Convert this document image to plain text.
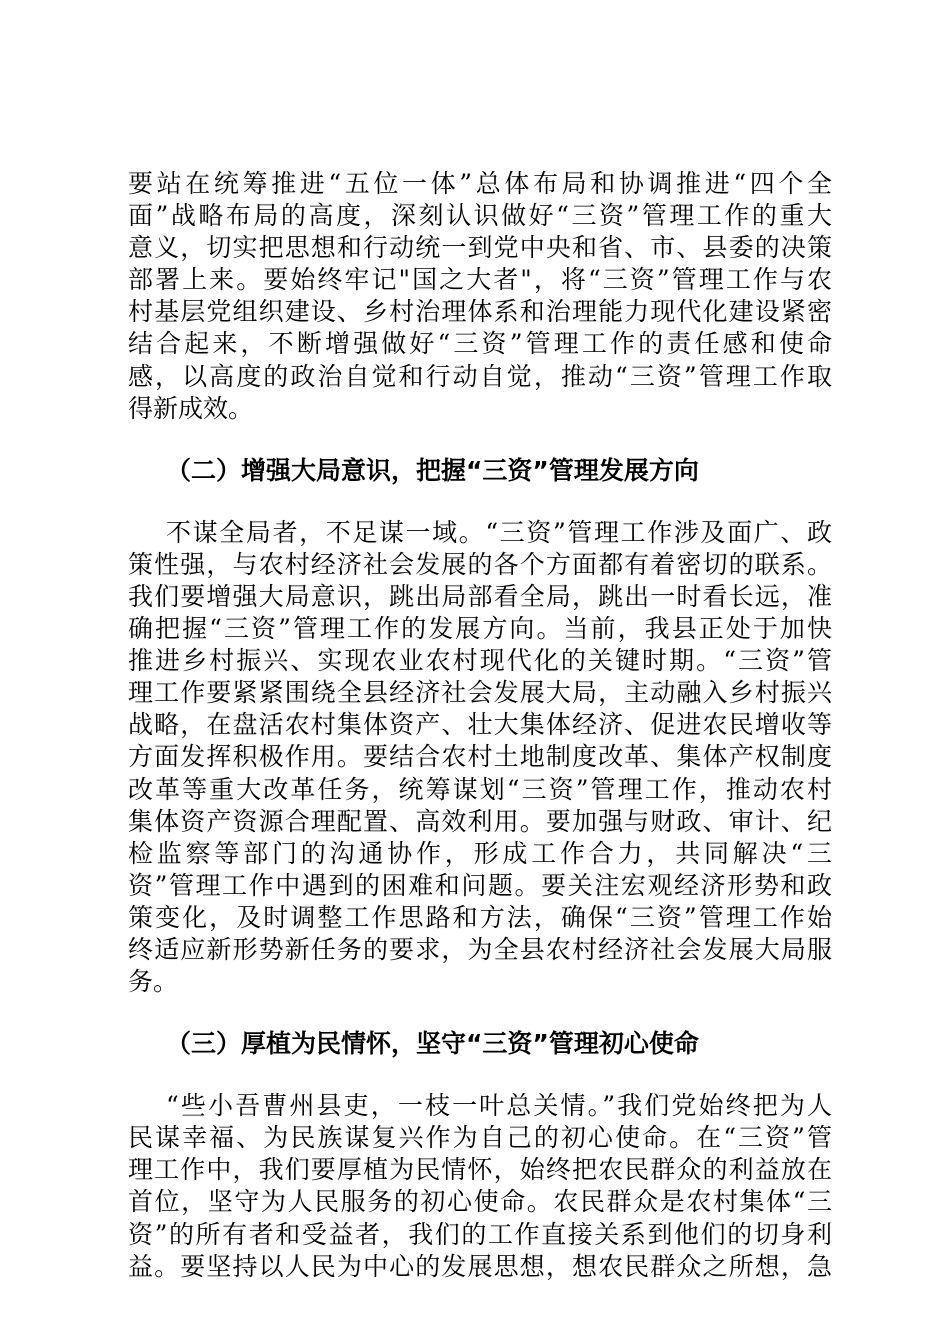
要站在统筹推进“五位一体”总体布局和协调推进“四个全
面”战略布局的高度，深刻认识做好“三资”管理工作的重大
意义，切实把思想和行动统一到党中央和省、市、县委的决策
部署上来。要始终牢记"国之大者"，将“三资”管理工作与农
村基层党组织建设、乡村治理体系和治理能力现代化建设紧密
结合起来，不断增强做好“三资”管理工作的责任感和使命
感，以高度的政治自觉和行动自觉，推动“三资”管理工作取
得新成效。
（二）增强大局意识，把握“三资”管理发展方向
不谋全局者，不足谋一域。“三资”管理工作涉及面广、政
策性强，与农村经济社会发展的各个方面都有着密切的联系。
我们要增强大局意识，跳出局部看全局，跳出一时看长远，准
确把握“三资”管理工作的发展方向。当前，我县正处于加快
推进乡村振兴、实现农业农村现代化的关键时期。“三资”管
理工作要紧紧围绕全县经济社会发展大局，主动融入乡村振兴
战略，在盘活农村集体资产、壮大集体经济、促进农民增收等
方面发挥积极作用。要结合农村土地制度改革、集体产权制度
改革等重大改革任务，统筹谋划“三资”管理工作，推动农村
集体资产资源合理配置、高效利用。要加强与财政、审计、纪
检监察等部门的沟通协作，形成工作合力，共同解决“三
资”管理工作中遇到的困难和问题。要关注宏观经济形势和政
策变化，及时调整工作思路和方法，确保“三资”管理工作始
终适应新形势新任务的要求，为全县农村经济社会发展大局服
务。
（三）厚植为民情怀，坚守“三资”管理初心使命
“些小吾曹州县吏，一枝一叶总关情。”我们党始终把为人
民谋幸福、为民族谋复兴作为自己的初心使命。在“三资”管
理工作中，我们要厚植为民情怀，始终把农民群众的利益放在
首位，坚守为人民服务的初心使命。农民群众是农村集体“三
资”的所有者和受益者，我们的工作直接关系到他们的切身利
益。要坚持以人民为中心的发展思想，想农民群众之所想，急
